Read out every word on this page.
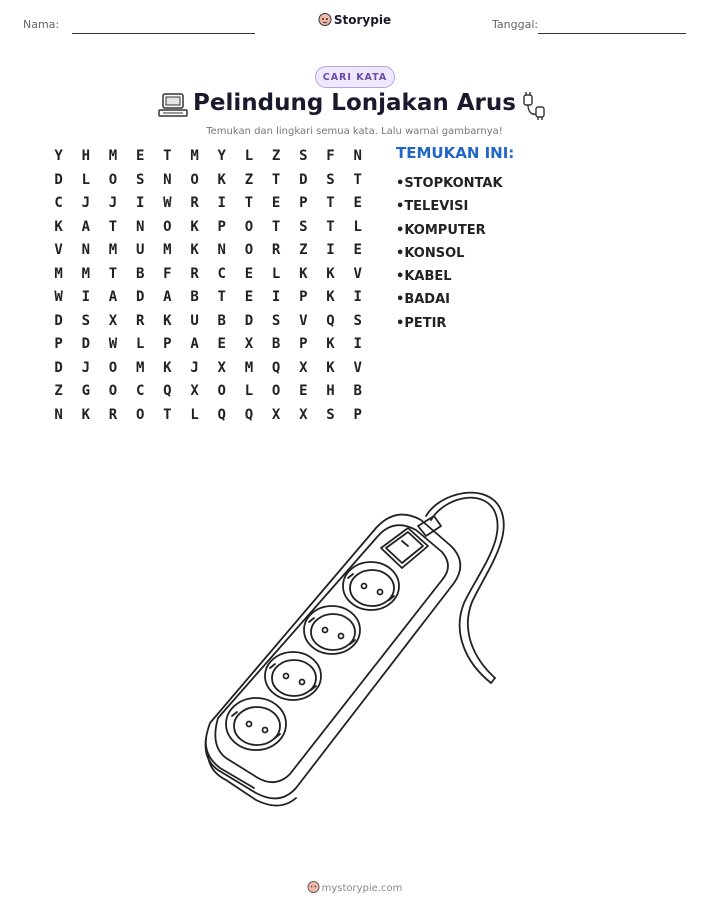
Nama:	Storypie	Tanggal:
CARI KATA
Pelindung Lonjakan Arus
Temukan dan lingkari semua kata. Lalu warnai gambarnya!
Y	H	M	E	T	M	Y	L	Z	S	F	N
D	L	O	S	N	O	K	Z	T	D	S	T
C	J	J	I	W	R	I	T	E	P	T	E
K	A	T	N	O	K	P	O	T	S	T	L
V	N	M	U	M	K	N	O	R	Z	I	E
M	M	T	B	F	R	C	E	L	K	K	V
W	I	A	D	A	B	T	E	I	P	K	I
D	S	X	R	K	U	B	D	S	V	Q	S
P	D	W	L	P	A	E	X	B	P	K	I
D	J	O	M	K	J	X	M	Q	X	K	V
Z	G	O	C	Q	X	O	L	O	E	H	B
N	K	R	O	T	L	Q	Q	X	X	S	P
TEMUKAN INI:
• STOPKONTAK
• TELEVISI
• KOMPUTER
• KONSOL
• KABEL
• BADAI
• PETIR
mystorypie.com
